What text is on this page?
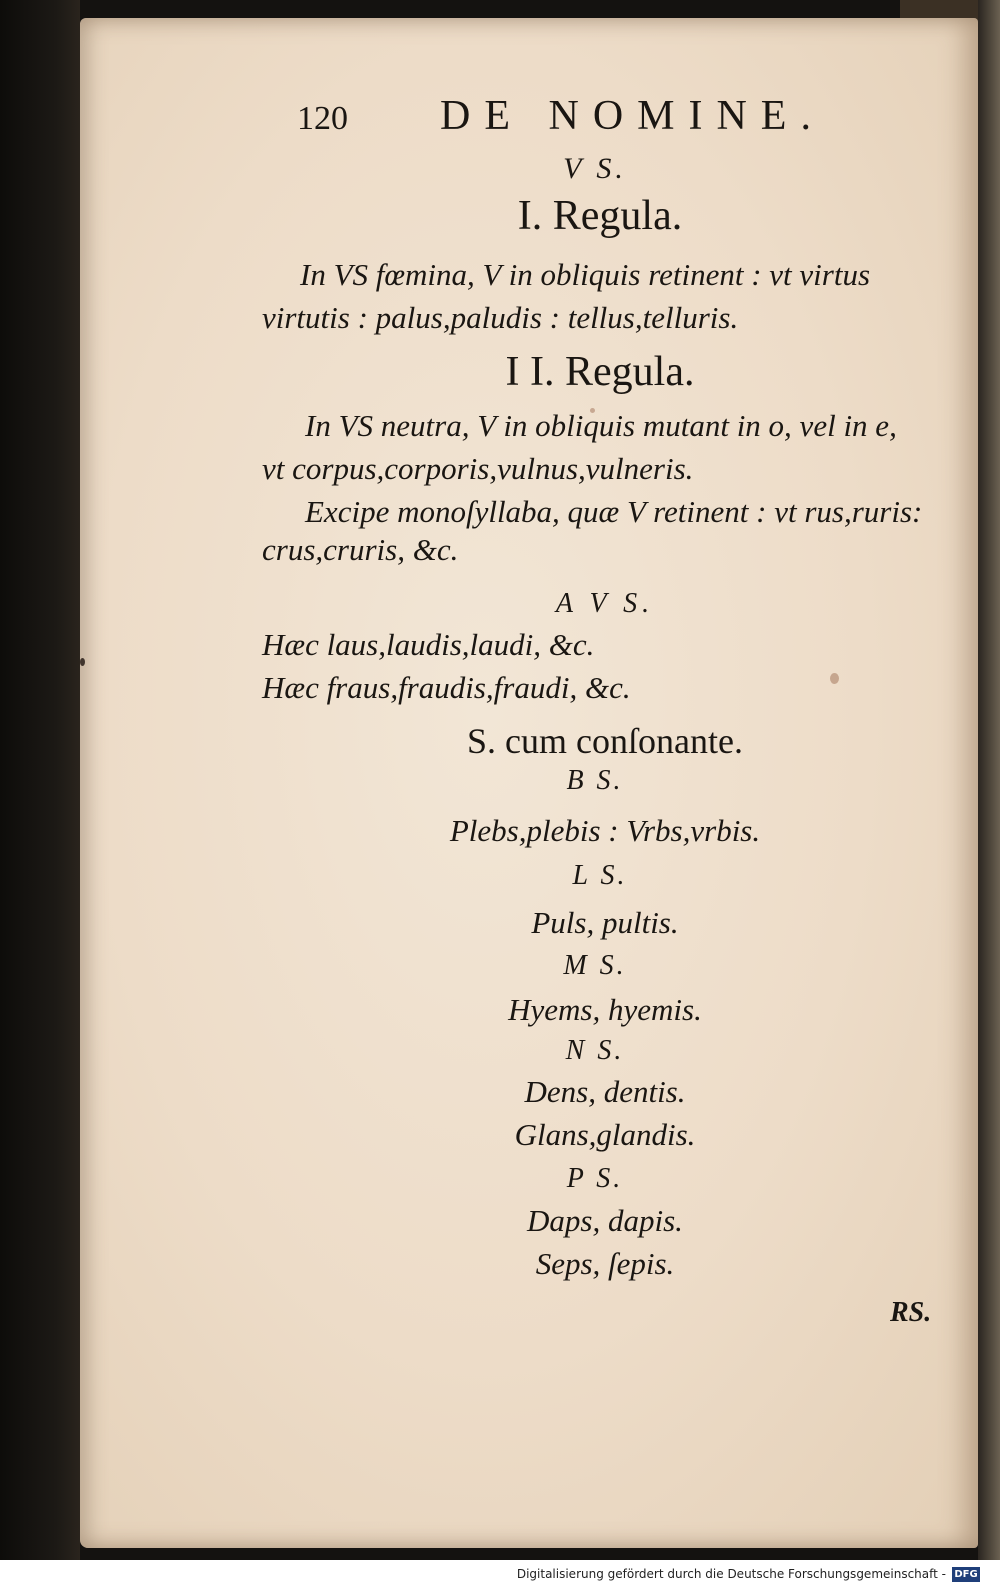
120 DE NOMINE.
V S.
I. Regula.
In VS fœmina, V in obliquis retinent : vt virtus
virtutis : palus,paludis : tellus,telluris.
I I. Regula.
In VS neutra, V in obliquis mutant in o, vel in e,
vt corpus,corporis,vulnus,vulneris.
Excipe monoſyllaba, quæ V retinent : vt rus,ruris:
crus,cruris, &c.
A V S.
Hæc laus,laudis,laudi, &c.
Hæc fraus,fraudis,fraudi, &c.
S. cum conſonante.
B S.
Plebs,plebis : Vrbs,vrbis.
L S.
Puls, pultis.
M S.
Hyems, hyemis.
N S.
Dens, dentis.
Glans,glandis.
P S.
Daps, dapis.
Seps, ſepis.
RS.
Digitalisierung gefördert durch die Deutsche Forschungsgemeinschaft - DFG
